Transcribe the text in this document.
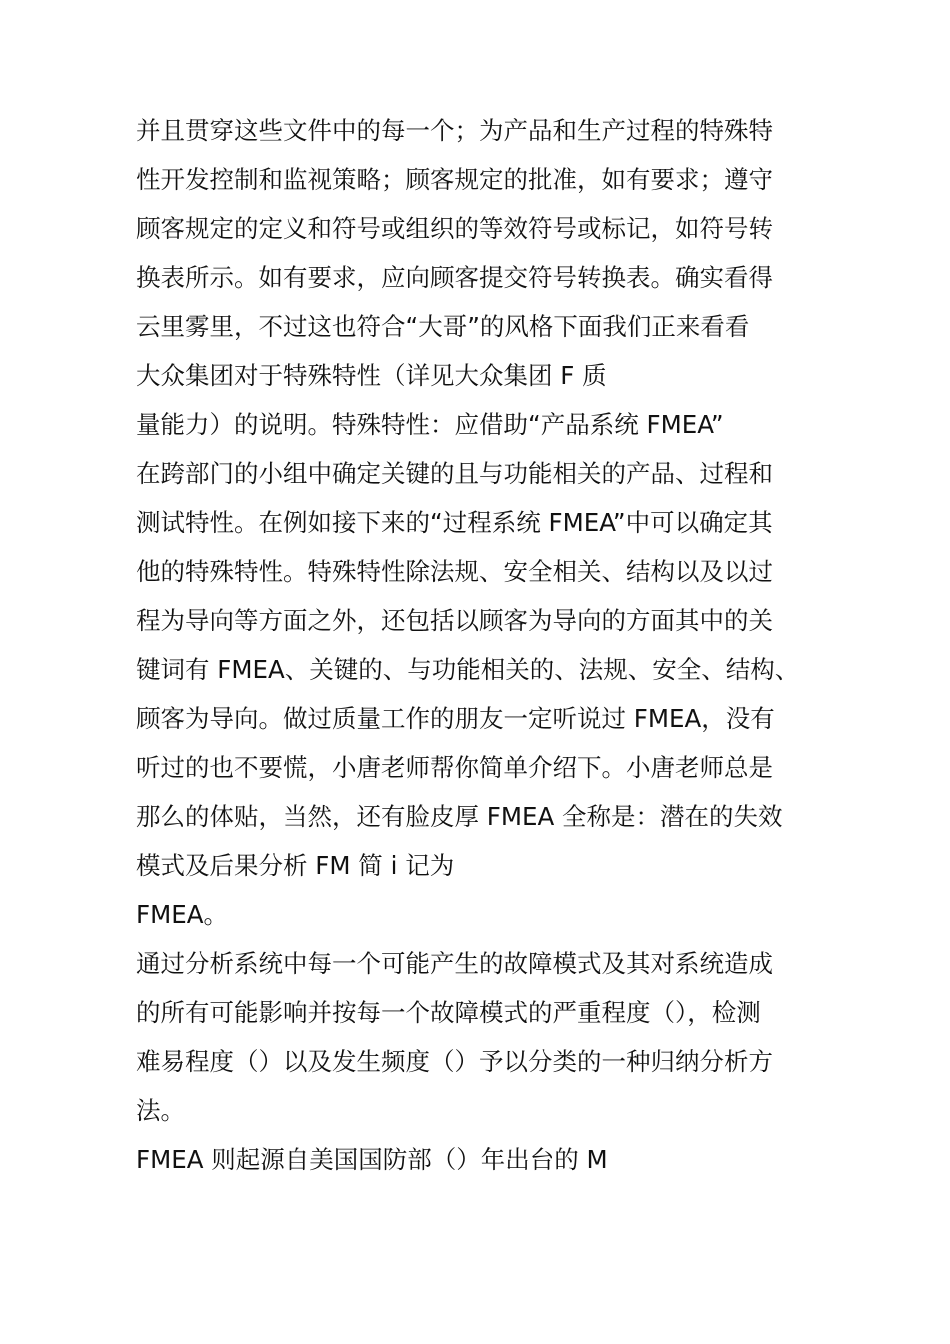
并且贯穿这些文件中的每一个；为产品和生产过程的特殊特
性开发控制和监视策略；顾客规定的批准，如有要求；遵守
顾客规定的定义和符号或组织的等效符号或标记，如符号转
换表所示。如有要求，应向顾客提交符号转换表。确实看得
云里雾里，不过这也符合“大哥”的风格下面我们正来看看
大众集团对于特殊特性（详见大众集团 F 质
量能力）的说明。特殊特性：应借助“产品系统 FMEA”
在跨部门的小组中确定关键的且与功能相关的产品、过程和
测试特性。在例如接下来的“过程系统 FMEA”中可以确定其
他的特殊特性。特殊特性除法规、安全相关、结构以及以过
程为导向等方面之外，还包括以顾客为导向的方面其中的关
键词有 FMEA、关键的、与功能相关的、法规、安全、结构、
顾客为导向。做过质量工作的朋友一定听说过 FMEA，没有
听过的也不要慌，小唐老师帮你简单介绍下。小唐老师总是
那么的体贴，当然，还有脸皮厚 FMEA 全称是：潜在的失效
模式及后果分析 FM 简 i 记为
FMEA。
通过分析系统中每一个可能产生的故障模式及其对系统造成
的所有可能影响并按每一个故障模式的严重程度（），检测
难易程度（）以及发生频度（）予以分类的一种归纳分析方
法。
FMEA 则起源自美国国防部（）年出台的 M
